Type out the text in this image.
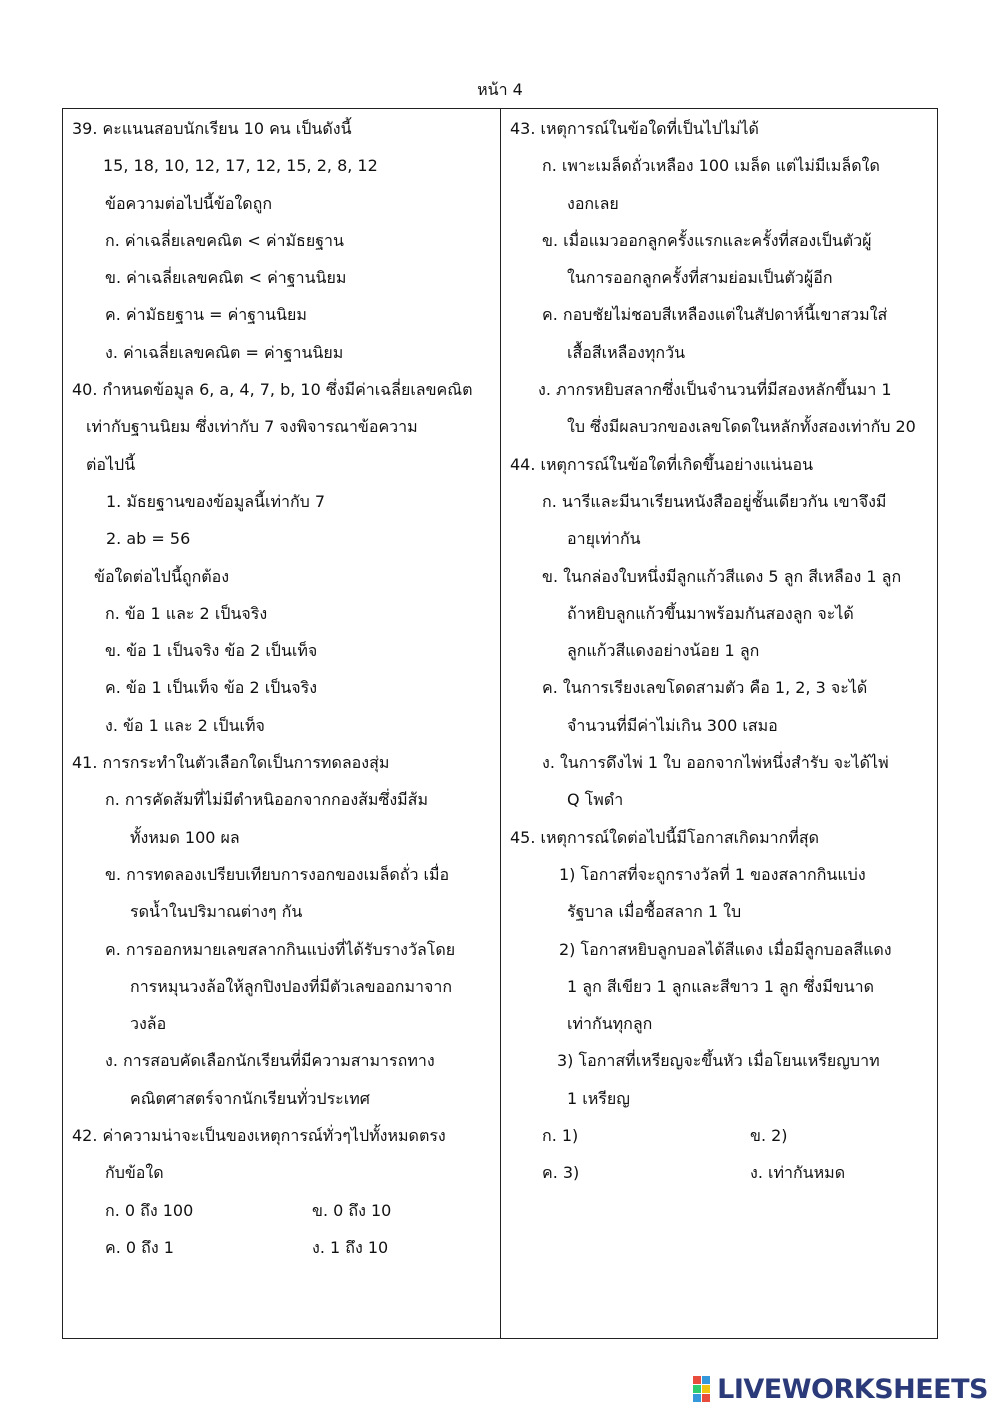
หน้า 4
39. คะแนนสอบนักเรียน 10 คน เป็นดังนี้
15, 18, 10, 12, 17, 12, 15, 2, 8, 12
ข้อความต่อไปนี้ข้อใดถูก
ก. ค่าเฉลี่ยเลขคณิต < ค่ามัธยฐาน
ข. ค่าเฉลี่ยเลขคณิต < ค่าฐานนิยม
ค. ค่ามัธยฐาน = ค่าฐานนิยม
ง. ค่าเฉลี่ยเลขคณิต = ค่าฐานนิยม
40. กำหนดข้อมูล 6, a, 4, 7, b, 10 ซึ่งมีค่าเฉลี่ยเลขคณิต
เท่ากับฐานนิยม ซึ่งเท่ากับ 7 จงพิจารณาข้อความ
ต่อไปนี้
1. มัธยฐานของข้อมูลนี้เท่ากับ 7
2. ab = 56
ข้อใดต่อไปนี้ถูกต้อง
ก. ข้อ 1 และ 2 เป็นจริง
ข. ข้อ 1 เป็นจริง ข้อ 2 เป็นเท็จ
ค. ข้อ 1 เป็นเท็จ ข้อ 2 เป็นจริง
ง. ข้อ 1 และ 2 เป็นเท็จ
41. การกระทำในตัวเลือกใดเป็นการทดลองสุ่ม
ก. การคัดส้มที่ไม่มีตำหนิออกจากกองส้มซึ่งมีส้ม
ทั้งหมด 100 ผล
ข. การทดลองเปรียบเทียบการงอกของเมล็ดถั่ว เมื่อ
รดน้ำในปริมาณต่างๆ กัน
ค. การออกหมายเลขสลากกินแบ่งที่ได้รับรางวัลโดย
การหมุนวงล้อให้ลูกปิงปองที่มีตัวเลขออกมาจาก
วงล้อ
ง. การสอบคัดเลือกนักเรียนที่มีความสามารถทาง
คณิตศาสตร์จากนักเรียนทั่วประเทศ
42. ค่าความน่าจะเป็นของเหตุการณ์ทั่วๆไปทั้งหมดตรง
กับข้อใด
ก. 0 ถึง 100	ข. 0 ถึง 10
ค. 0 ถึง 1	ง. 1 ถึง 10
43. เหตุการณ์ในข้อใดที่เป็นไปไม่ได้
ก. เพาะเมล็ดถั่วเหลือง 100 เมล็ด แต่ไม่มีเมล็ดใด
งอกเลย
ข. เมื่อแมวออกลูกครั้งแรกและครั้งที่สองเป็นตัวผู้
ในการออกลูกครั้งที่สามย่อมเป็นตัวผู้อีก
ค. กอบชัยไม่ชอบสีเหลืองแต่ในสัปดาห์นี้เขาสวมใส่
เสื้อสีเหลืองทุกวัน
ง. ภากรหยิบสลากซึ่งเป็นจำนวนที่มีสองหลักขึ้นมา 1
ใบ ซึ่งมีผลบวกของเลขโดดในหลักทั้งสองเท่ากับ 20
44. เหตุการณ์ในข้อใดที่เกิดขึ้นอย่างแน่นอน
ก. นารีและมีนาเรียนหนังสืออยู่ชั้นเดียวกัน เขาจึงมี
อายุเท่ากัน
ข. ในกล่องใบหนึ่งมีลูกแก้วสีแดง 5 ลูก สีเหลือง 1 ลูก
ถ้าหยิบลูกแก้วขึ้นมาพร้อมกันสองลูก จะได้
ลูกแก้วสีแดงอย่างน้อย 1 ลูก
ค. ในการเรียงเลขโดดสามตัว คือ 1, 2, 3 จะได้
จำนวนที่มีค่าไม่เกิน 300 เสมอ
ง. ในการดึงไพ่ 1 ใบ ออกจากไพ่หนึ่งสำรับ จะได้ไพ่
Q โพดำ
45. เหตุการณ์ใดต่อไปนี้มีโอกาสเกิดมากที่สุด
1) โอกาสที่จะถูกรางวัลที่ 1 ของสลากกินแบ่ง
รัฐบาล เมื่อซื้อสลาก 1 ใบ
2) โอกาสหยิบลูกบอลได้สีแดง เมื่อมีลูกบอลสีแดง
1 ลูก สีเขียว 1 ลูกและสีขาว 1 ลูก ซึ่งมีขนาด
เท่ากันทุกลูก
3) โอกาสที่เหรียญจะขึ้นหัว เมื่อโยนเหรียญบาท
1 เหรียญ
ก. 1)	ข. 2)
ค. 3)	ง. เท่ากันหมด
LIVEWORKSHEETS
